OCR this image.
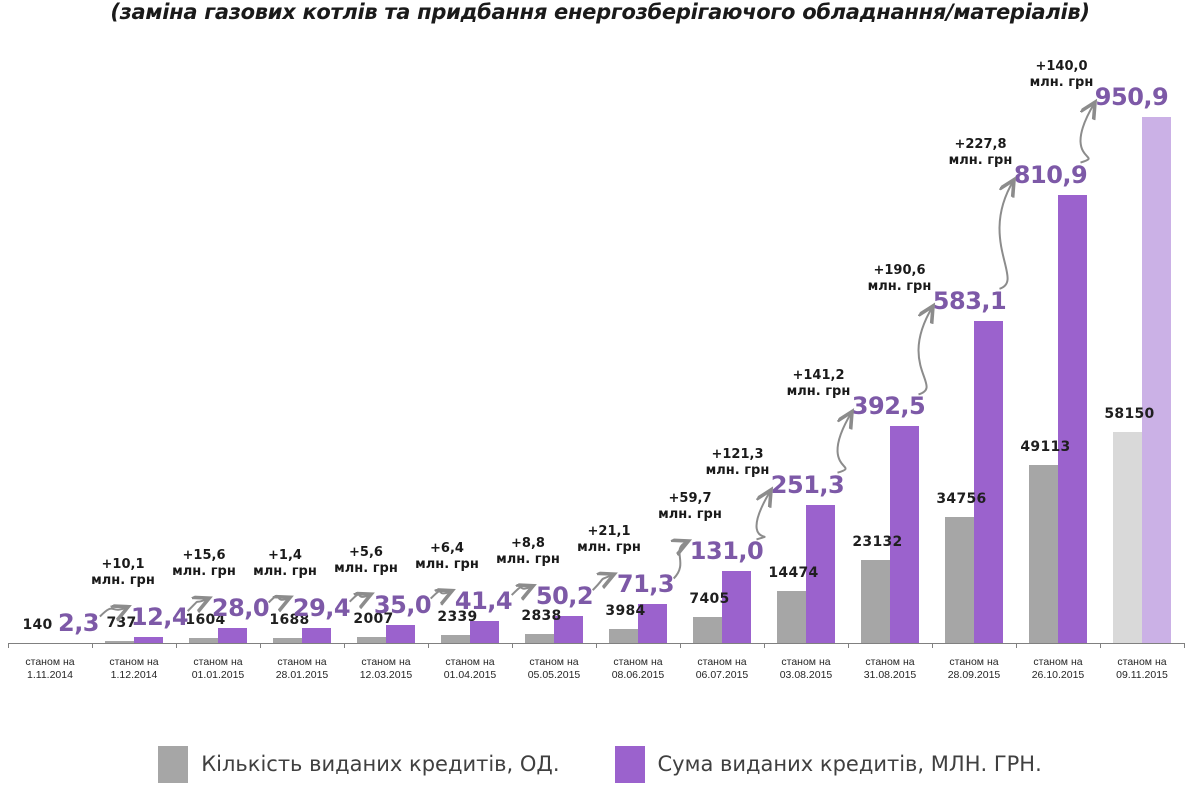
(заміна газових котлів та придбання енергозберігаючого обладнання/матеріалів)
140 2,3
станом на
1.11.2014
737
12,4
станом на
1.12.2014
1604
28,0
станом на
01.01.2015
1688
29,4
станом на
28.01.2015
2007
35,0
станом на
12.03.2015
2339
41,4
станом на
01.04.2015
2838
50,2
станом на
05.05.2015
3984
71,3
станом на
08.06.2015
7405
131,0
станом на
06.07.2015
14474
251,3
станом на
03.08.2015
23132
392,5
станом на
31.08.2015
34756
583,1
станом на
28.09.2015
49113
810,9
станом на
26.10.2015
58150
950,9
станом на
09.11.2015
+10,1
млн. грн
+15,6
млн. грн
+1,4
млн. грн
+5,6
млн. грн
+6,4
млн. грн
+8,8
млн. грн
+21,1
млн. грн
+59,7
млн. грн
+121,3
млн. грн
+141,2
млн. грн
+190,6
млн. грн
+227,8
млн. грн
+140,0
млн. грн
Кількість виданих кредитів, ОД.	Сума виданих кредитів, МЛН. ГРН.
